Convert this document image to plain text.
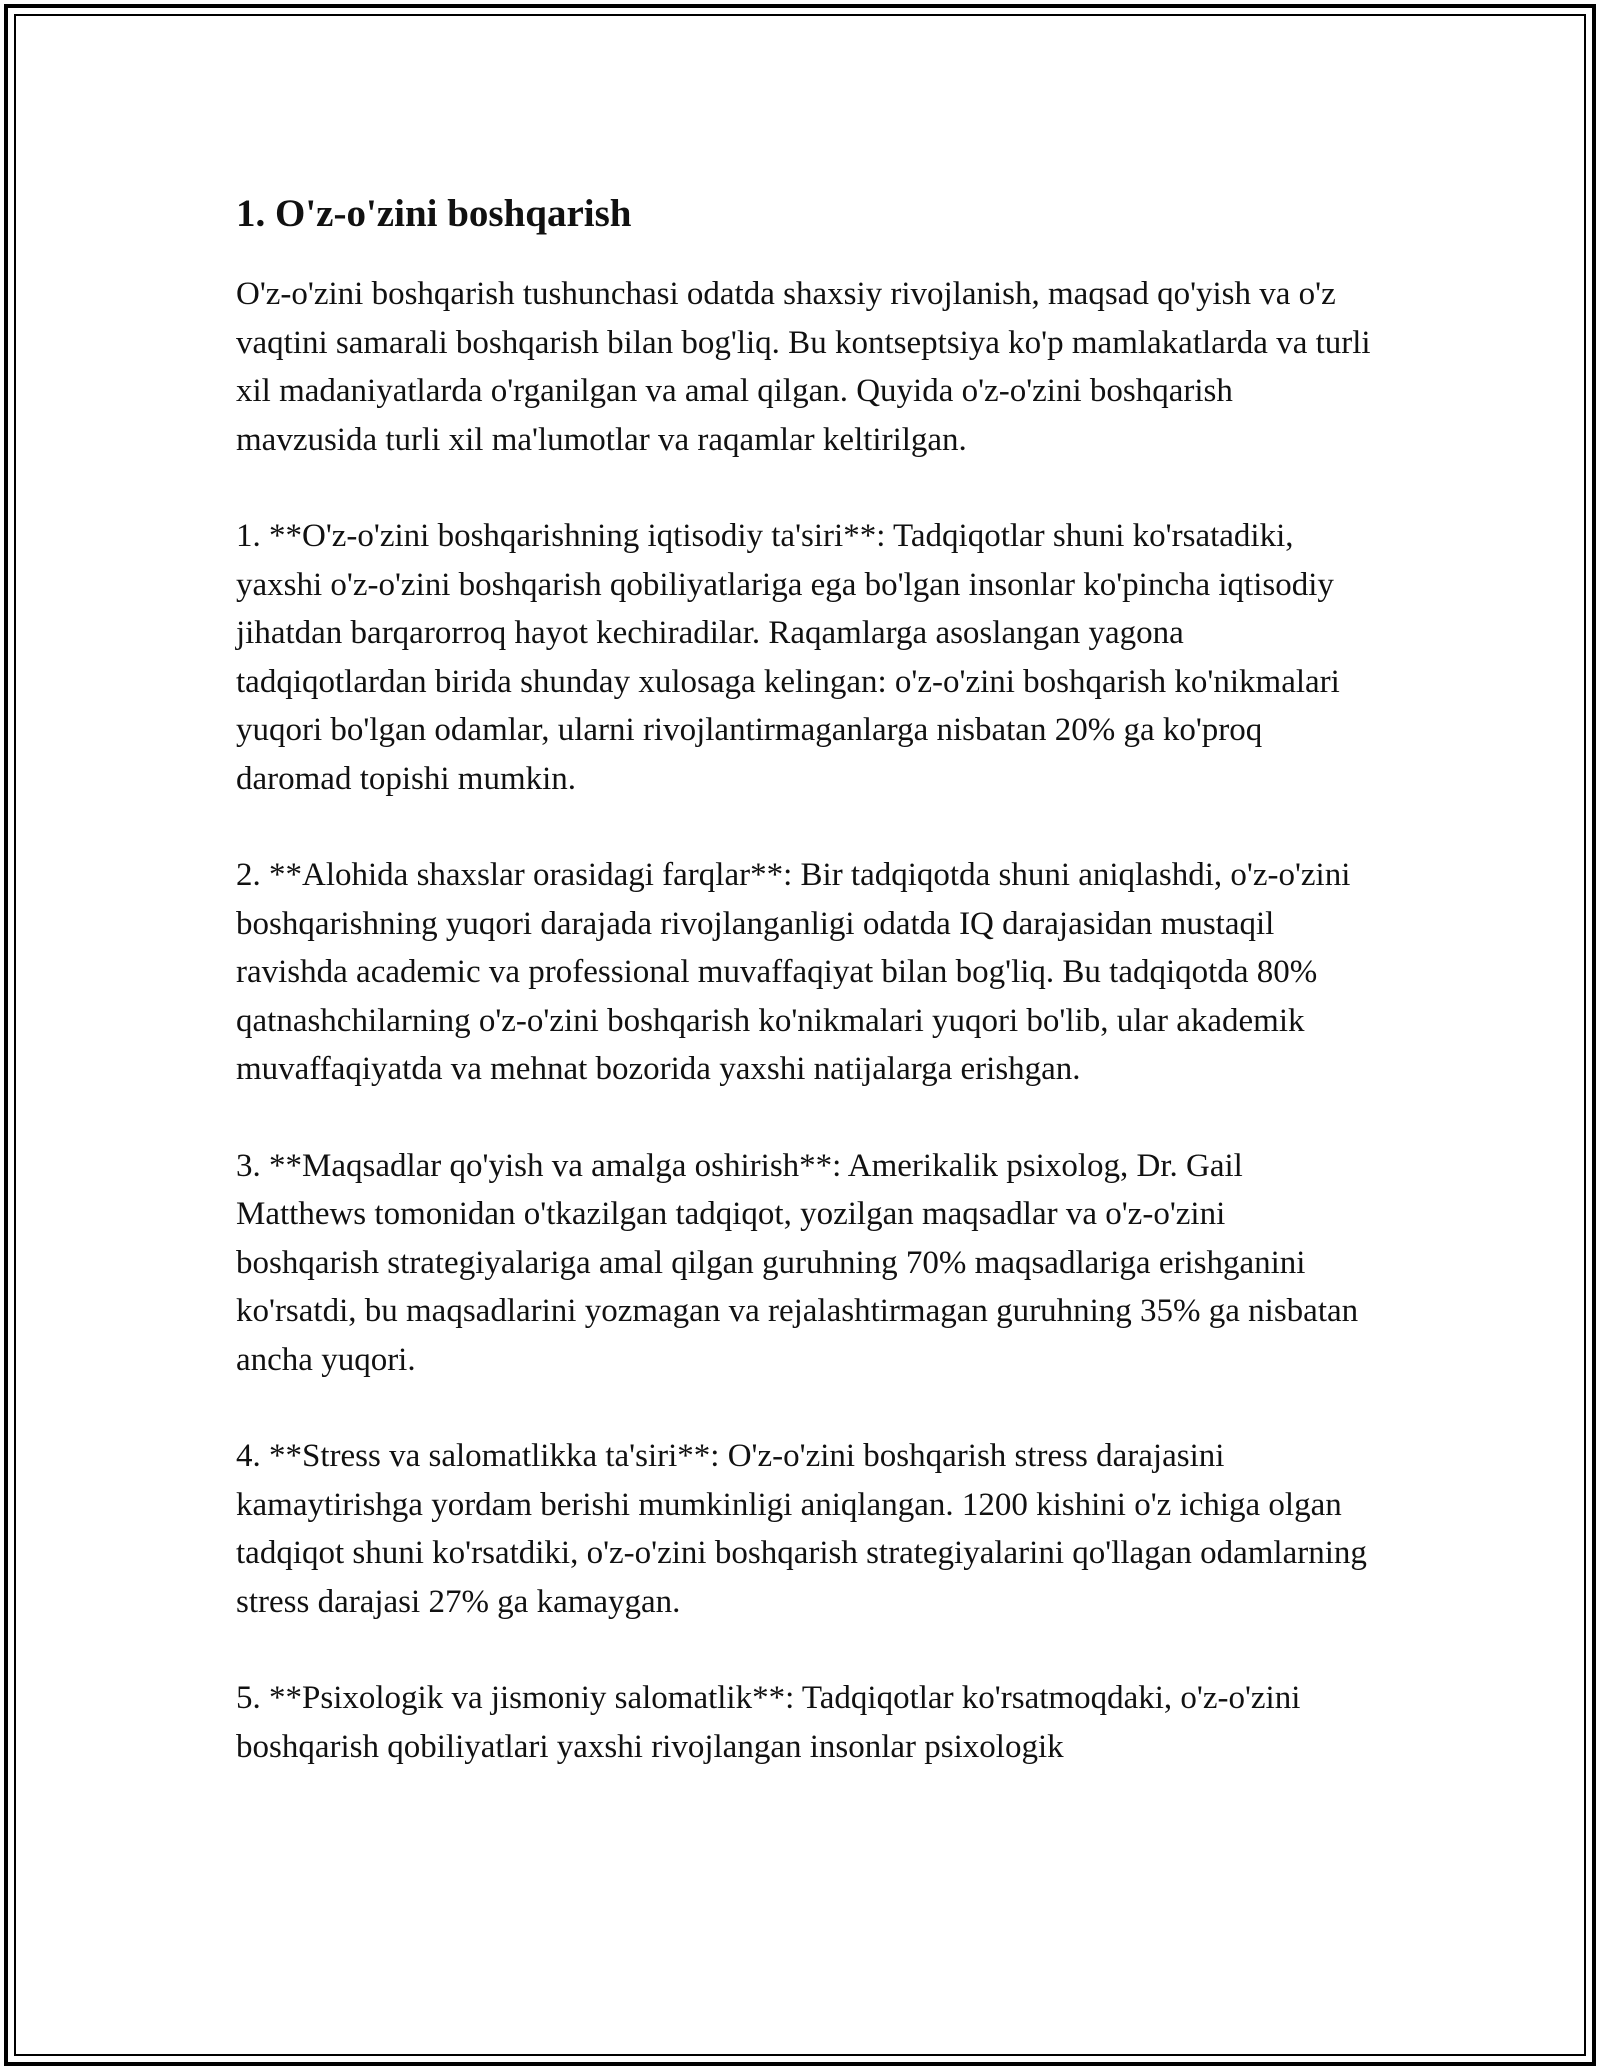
1. O'z-o'zini boshqarish

O'z-o'zini boshqarish tushunchasi odatda shaxsiy rivojlanish, maqsad qo'yish va o'z vaqtini samarali boshqarish bilan bog'liq. Bu kontseptsiya ko'p mamlakatlarda va turli xil madaniyatlarda o'rganilgan va amal qilgan. Quyida o'z-o'zini boshqarish mavzusida turli xil ma'lumotlar va raqamlar keltirilgan.

1. **O'z-o'zini boshqarishning iqtisodiy ta'siri**: Tadqiqotlar shuni ko'rsatadiki, yaxshi o'z-o'zini boshqarish qobiliyatlariga ega bo'lgan insonlar ko'pincha iqtisodiy jihatdan barqarorroq hayot kechiradilar. Raqamlarga asoslangan yagona tadqiqotlardan birida shunday xulosaga kelingan: o'z-o'zini boshqarish ko'nikmalari yuqori bo'lgan odamlar, ularni rivojlantirmaganlarga nisbatan 20% ga ko'proq daromad topishi mumkin.

2. **Alohida shaxslar orasidagi farqlar**: Bir tadqiqotda shuni aniqlashdi, o'z-o'zini boshqarishning yuqori darajada rivojlanganligi odatda IQ darajasidan mustaqil ravishda academic va professional muvaffaqiyat bilan bog'liq. Bu tadqiqotda 80% qatnashchilarning o'z-o'zini boshqarish ko'nikmalari yuqori bo'lib, ular akademik muvaffaqiyatda va mehnat bozorida yaxshi natijalarga erishgan.

3. **Maqsadlar qo'yish va amalga oshirish**: Amerikalik psixolog, Dr. Gail Matthews tomonidan o'tkazilgan tadqiqot, yozilgan maqsadlar va o'z-o'zini boshqarish strategiyalariga amal qilgan guruhning 70% maqsadlariga erishganini ko'rsatdi, bu maqsadlarini yozmagan va rejalashtirmagan guruhning 35% ga nisbatan ancha yuqori.

4. **Stress va salomatlikka ta'siri**: O'z-o'zini boshqarish stress darajasini kamaytirishga yordam berishi mumkinligi aniqlangan. 1200 kishini o'z ichiga olgan tadqiqot shuni ko'rsatdiki, o'z-o'zini boshqarish strategiyalarini qo'llagan odamlarning stress darajasi 27% ga kamaygan.

5. **Psixologik va jismoniy salomatlik**: Tadqiqotlar ko'rsatmoqdaki, o'z-o'zini boshqarish qobiliyatlari yaxshi rivojlangan insonlar psixologik
